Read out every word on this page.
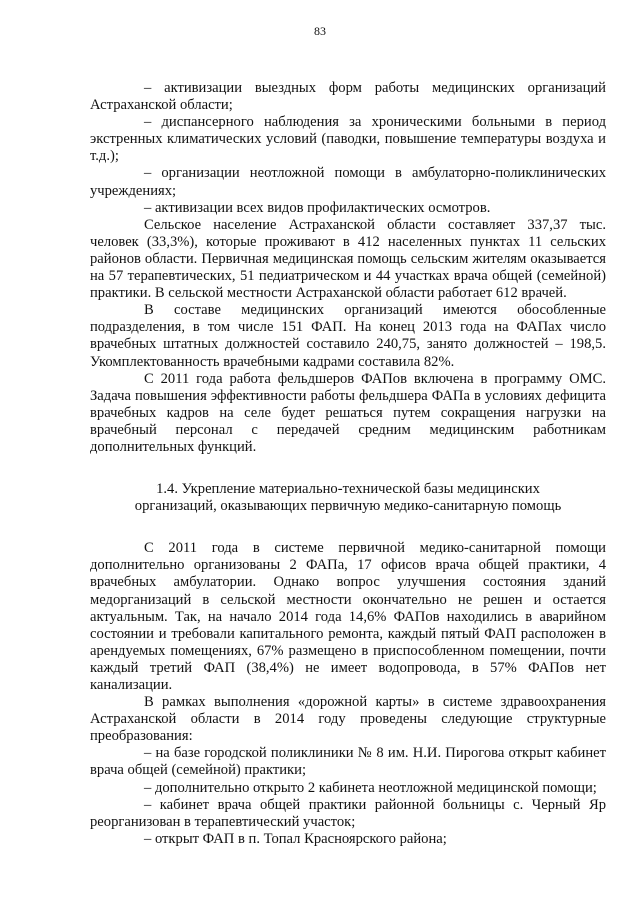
83

– активизации выездных форм работы медицинских организаций Астраханской области;

– диспансерного наблюдения за хроническими больными в период экстренных климатических условий (паводки, повышение температуры воздуха и т.д.);

– организации неотложной помощи в амбулаторно-поликлинических учреждениях;

– активизации всех видов профилактических осмотров.

Сельское население Астраханской области составляет 337,37 тыс. человек (33,3%), которые проживают в 412 населенных пунктах 11 сельских районов области. Первичная медицинская помощь сельским жителям оказывается на 57 терапевтических, 51 педиатрическом и 44 участках врача общей (семейной) практики. В сельской местности Астраханской области работает 612 врачей.

В составе медицинских организаций имеются обособленные подразделения, в том числе 151 ФАП. На конец 2013 года на ФАПах число врачебных штатных должностей составило 240,75, занято должностей – 198,5. Укомплектованность врачебными кадрами составила 82%.

С 2011 года работа фельдшеров ФАПов включена в программу ОМС. Задача повышения эффективности работы фельдшера ФАПа в условиях дефицита врачебных кадров на селе будет решаться путем сокращения нагрузки на врачебный персонал с передачей средним медицинским работникам дополнительных функций.

1.4. Укрепление материально-технической базы медицинских
организаций, оказывающих первичную медико-санитарную помощь

С 2011 года в системе первичной медико-санитарной помощи дополнительно организованы 2 ФАПа, 17 офисов врача общей практики, 4 врачебных амбулатории. Однако вопрос улучшения состояния зданий медорганизаций в сельской местности окончательно не решен и остается актуальным. Так, на начало 2014 года 14,6% ФАПов находились в аварийном состоянии и требовали капитального ремонта, каждый пятый ФАП расположен в арендуемых помещениях, 67% размещено в приспособленном помещении, почти каждый третий ФАП (38,4%) не имеет водопровода, в 57% ФАПов нет канализации.

В рамках выполнения «дорожной карты» в системе здравоохранения Астраханской области в 2014 году проведены следующие структурные преобразования:

– на базе городской поликлиники № 8 им. Н.И. Пирогова открыт кабинет врача общей (семейной) практики;

– дополнительно открыто 2 кабинета неотложной медицинской помощи;

– кабинет врача общей практики районной больницы с. Черный Яр реорганизован в терапевтический участок;

– открыт ФАП в п. Топал Красноярского района;
